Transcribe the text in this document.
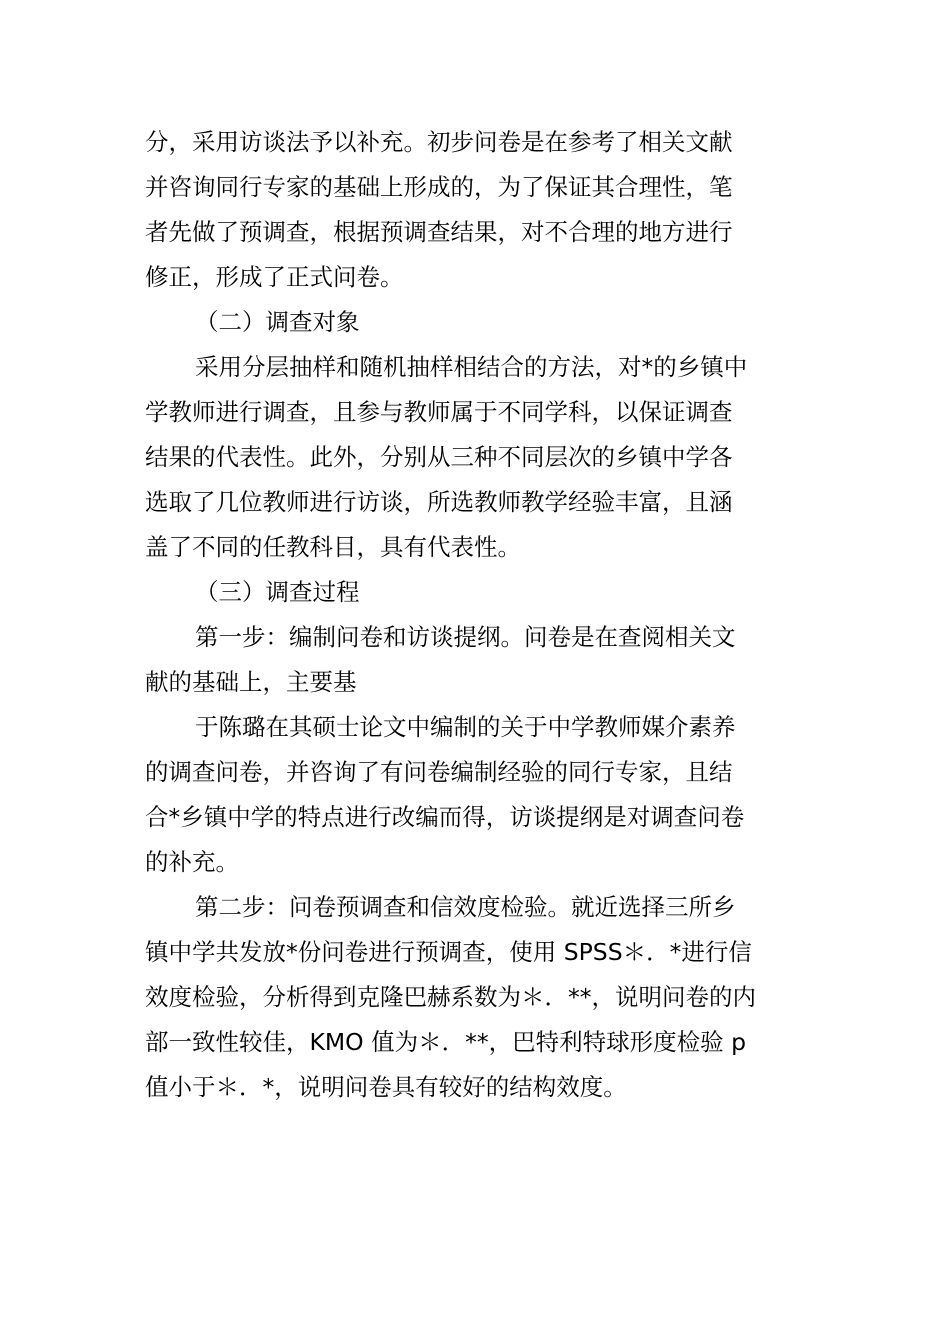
分，采用访谈法予以补充。初步问卷是在参考了相关文献
并咨询同行专家的基础上形成的，为了保证其合理性，笔
者先做了预调查，根据预调查结果，对不合理的地方进行
修正，形成了正式问卷。
（二）调查对象
采用分层抽样和随机抽样相结合的方法，对*的乡镇中
学教师进行调查，且参与教师属于不同学科，以保证调查
结果的代表性。此外，分别从三种不同层次的乡镇中学各
选取了几位教师进行访谈，所选教师教学经验丰富，且涵
盖了不同的任教科目，具有代表性。
（三）调查过程
第一步：编制问卷和访谈提纲。问卷是在查阅相关文
献的基础上，主要基
于陈璐在其硕士论文中编制的关于中学教师媒介素养
的调查问卷，并咨询了有问卷编制经验的同行专家，且结
合*乡镇中学的特点进行改编而得，访谈提纲是对调查问卷
的补充。
第二步：问卷预调查和信效度检验。就近选择三所乡
镇中学共发放*份问卷进行预调查，使用 SPSS＊．*进行信
效度检验，分析得到克隆巴赫系数为＊．**，说明问卷的内
部一致性较佳，KMO 值为＊．**，巴特利特球形度检验 p
值小于＊．*，说明问卷具有较好的结构效度。
